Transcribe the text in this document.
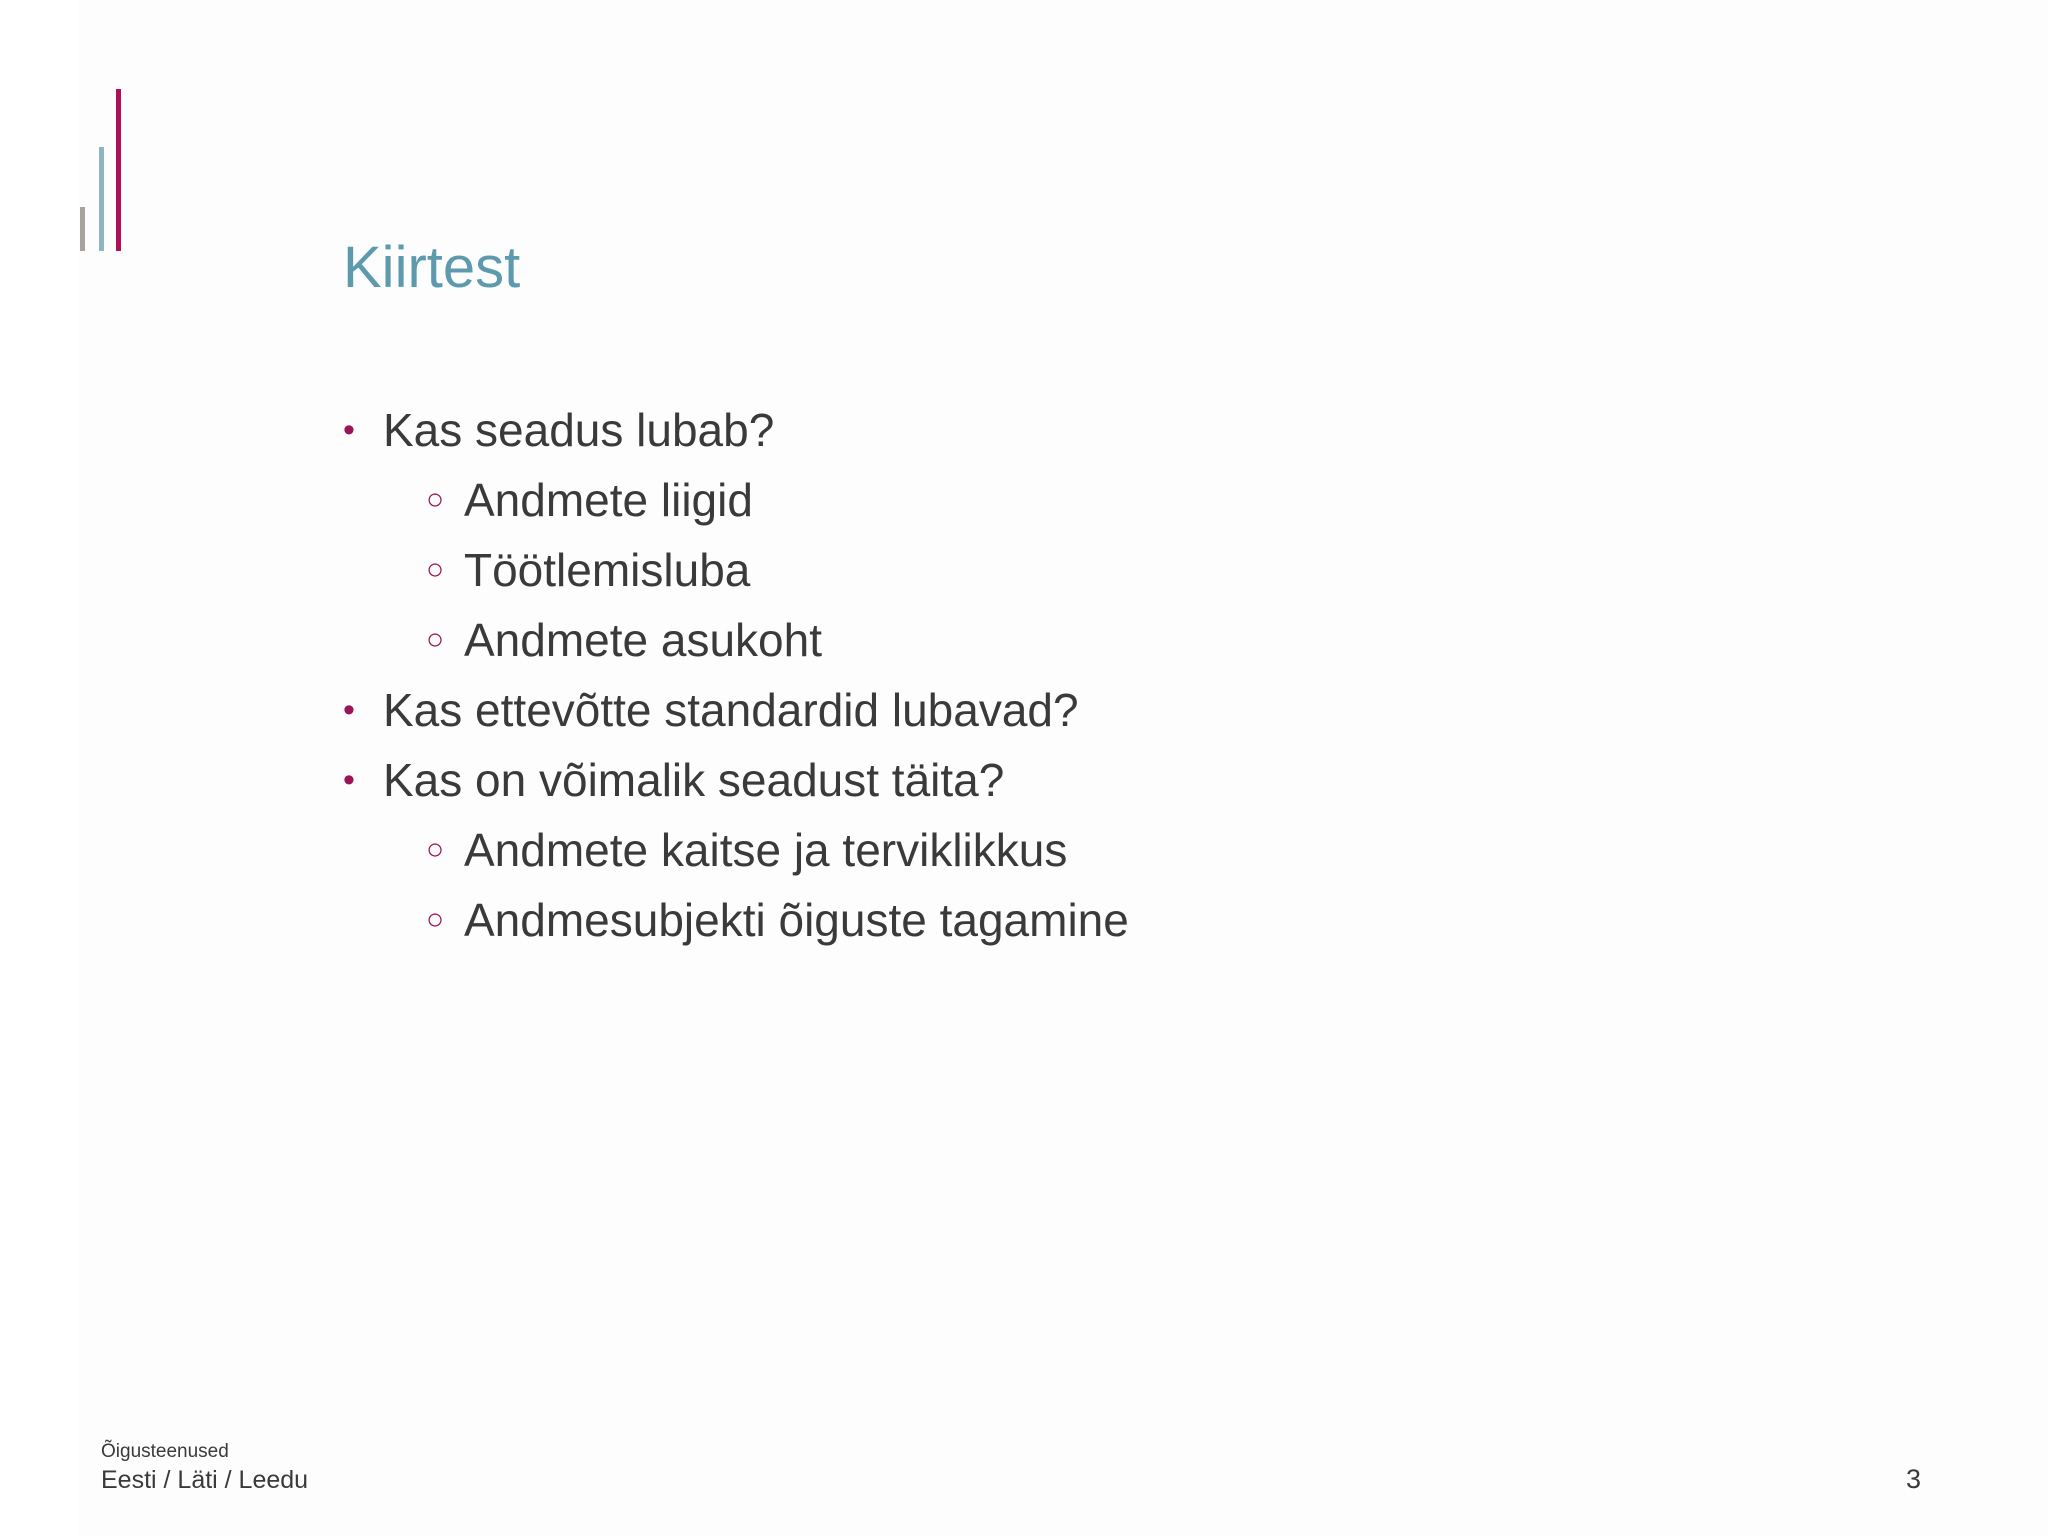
Kiirtest
• Kas seadus lubab?
○ Andmete liigid
○ Töötlemisluba
○ Andmete asukoht
• Kas ettevõtte standardid lubavad?
• Kas on võimalik seadust täita?
○ Andmete kaitse ja terviklikkus
○ Andmesubjekti õiguste tagamine
Õigusteenused
Eesti / Läti / Leedu	3
